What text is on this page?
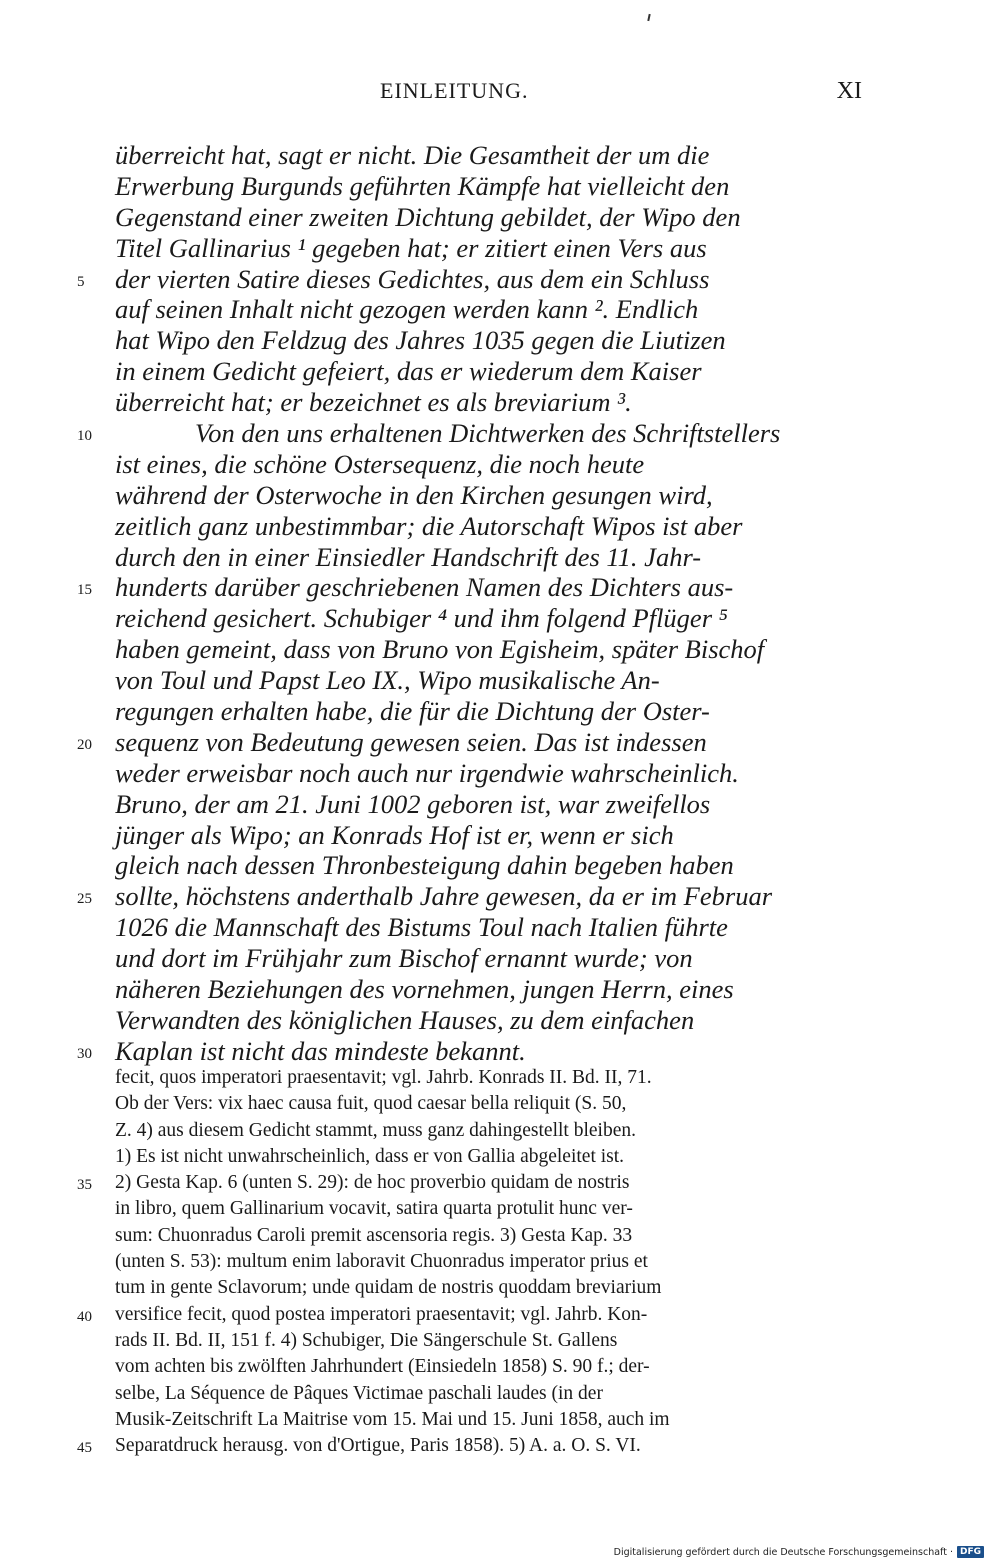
EINLEITUNG.	XI
überreicht hat, sagt er nicht. Die Gesamtheit der um die
Erwerbung Burgunds geführten Kämpfe hat vielleicht den
Gegenstand einer zweiten Dichtung gebildet, der Wipo den
Titel Gallinarius ¹ gegeben hat; er zitiert einen Vers aus
5 der vierten Satire dieses Gedichtes, aus dem ein Schluss
auf seinen Inhalt nicht gezogen werden kann ². Endlich
hat Wipo den Feldzug des Jahres 1035 gegen die Liutizen
in einem Gedicht gefeiert, das er wiederum dem Kaiser
überreicht hat; er bezeichnet es als breviarium ³.
10	Von den uns erhaltenen Dichtwerken des Schriftstellers
ist eines, die schöne Ostersequenz, die noch heute
während der Osterwoche in den Kirchen gesungen wird,
zeitlich ganz unbestimmbar; die Autorschaft Wipos ist aber
durch den in einer Einsiedler Handschrift des 11. Jahr-
15 hunderts darüber geschriebenen Namen des Dichters aus-
reichend gesichert. Schubiger ⁴ und ihm folgend Pflüger ⁵
haben gemeint, dass von Bruno von Egisheim, später Bischof
von Toul und Papst Leo IX., Wipo musikalische An-
regungen erhalten habe, die für die Dichtung der Oster-
20 sequenz von Bedeutung gewesen seien. Das ist indessen
weder erweisbar noch auch nur irgendwie wahrscheinlich.
Bruno, der am 21. Juni 1002 geboren ist, war zweifellos
jünger als Wipo; an Konrads Hof ist er, wenn er sich
gleich nach dessen Thronbesteigung dahin begeben haben
25 sollte, höchstens anderthalb Jahre gewesen, da er im Februar
1026 die Mannschaft des Bistums Toul nach Italien führte
und dort im Frühjahr zum Bischof ernannt wurde; von
näheren Beziehungen des vornehmen, jungen Herrn, eines
Verwandten des königlichen Hauses, zu dem einfachen
30 Kaplan ist nicht das mindeste bekannt.
fecit, quos imperatori praesentavit; vgl. Jahrb. Konrads II. Bd. II, 71.
Ob der Vers: vix haec causa fuit, quod caesar bella reliquit (S. 50,
Z. 4) aus diesem Gedicht stammt, muss ganz dahingestellt bleiben.
1) Es ist nicht unwahrscheinlich, dass er von Gallia abgeleitet ist.
35 2) Gesta Kap. 6 (unten S. 29): de hoc proverbio quidam de nostris
in libro, quem Gallinarium vocavit, satira quarta protulit hunc ver-
sum: Chuonradus Caroli premit ascensoria regis. 3) Gesta Kap. 33
(unten S. 53): multum enim laboravit Chuonradus imperator prius et
tum in gente Sclavorum; unde quidam de nostris quoddam breviarium
40 versifice fecit, quod postea imperatori praesentavit; vgl. Jahrb. Kon-
rads II. Bd. II, 151 f. 4) Schubiger, Die Sängerschule St. Gallens
vom achten bis zwölften Jahrhundert (Einsiedeln 1858) S. 90 f.; der-
selbe, La Séquence de Pâques Victimae paschali laudes (in der
Musik-Zeitschrift La Maitrise vom 15. Mai und 15. Juni 1858, auch im
45 Separatdruck herausg. von d'Ortigue, Paris 1858). 5) A. a. O. S. VI.
Digitalisierung gefördert durch die Deutsche Forschungsgemeinschaft · DFG
